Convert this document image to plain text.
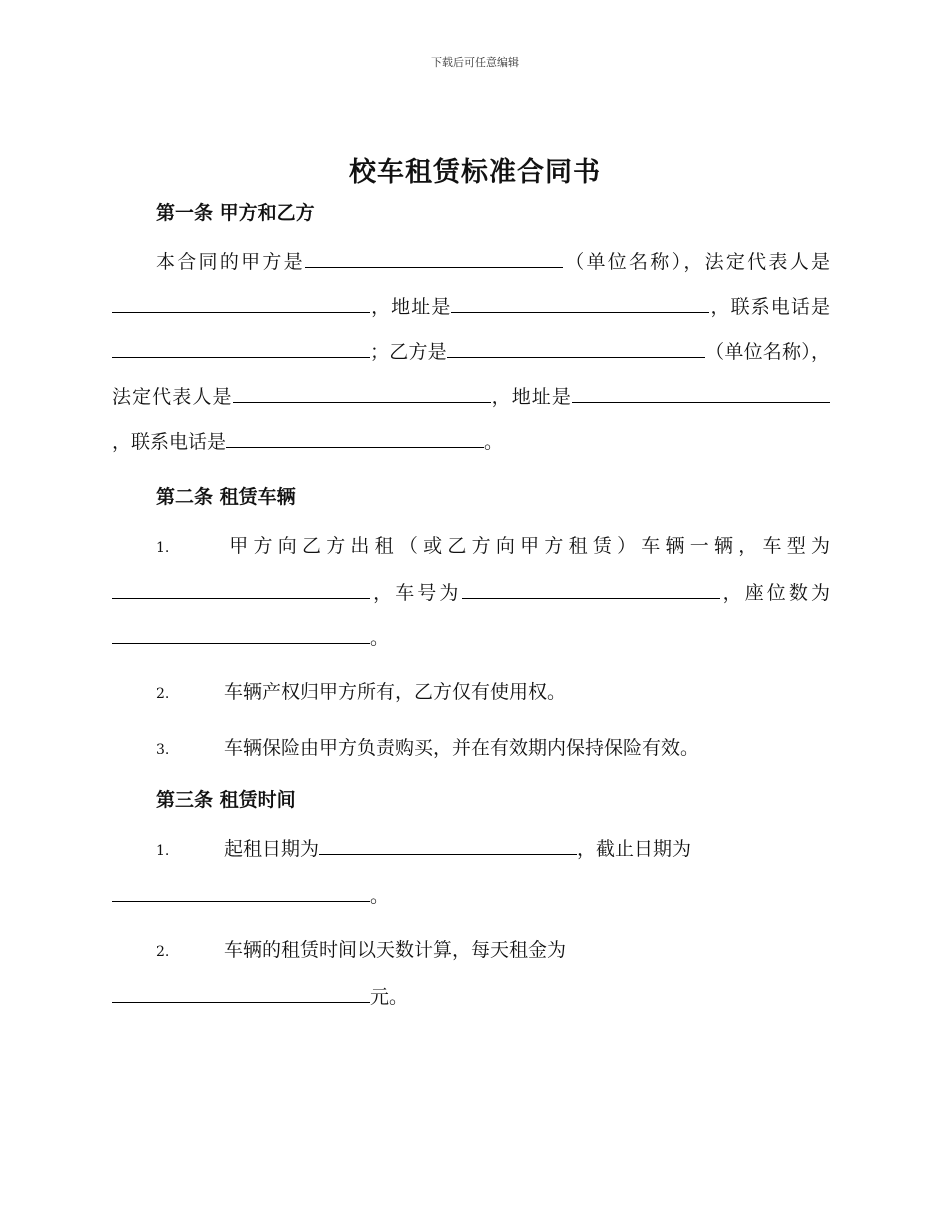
下载后可任意编辑
校车租赁标准合同书

第一条 甲方和乙方

本合同的甲方是	（单位名称），法定代表人是，地址是	，联系电话是；乙方是	（单位名称），法定代表人是	，地址是，联系电话是	。

第二条 租赁车辆

1.	甲方向乙方出租（或乙方向甲方租赁）车辆一辆，车型为，车号为	，座位数为。

2.	车辆产权归甲方所有，乙方仅有使用权。

3.	车辆保险由甲方负责购买，并在有效期内保持保险有效。

第三条 租赁时间

1.	起租日期为	，截止日期为
。

2.	车辆的租赁时间以天数计算，每天租金为
元。
